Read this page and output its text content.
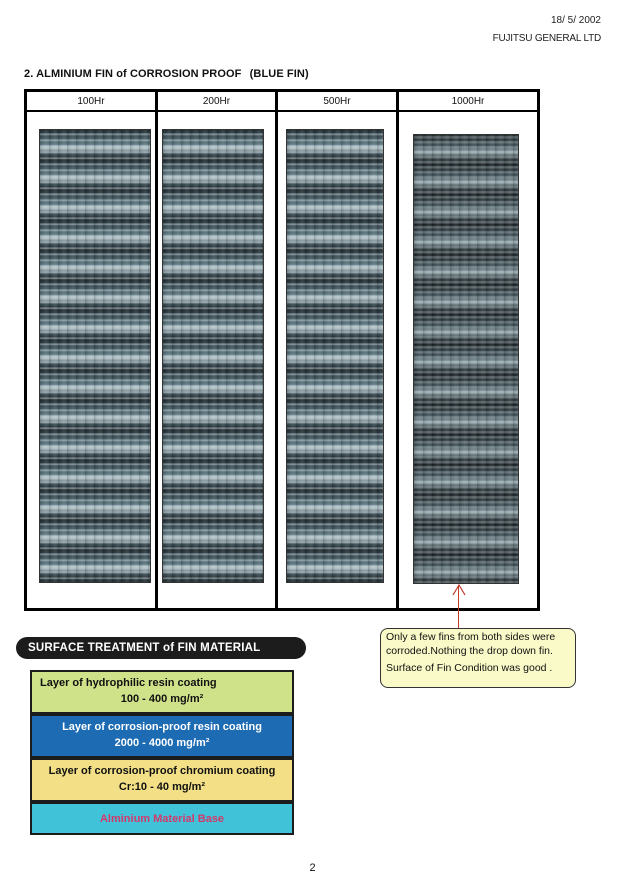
18/ 5/ 2002
FUJITSU GENERAL LTD
2. ALMINIUM FIN of CORROSION PROOF (BLUE FIN)
100Hr	200Hr	500Hr	1000Hr

Only a few fins from both sides were corroded.Nothing the drop down fin.

Surface of Fin Condition was good .

SURFACE TREATMENT of FIN MATERIAL
Layer of hydrophilic resin coating
100 - 400 mg/m²
Layer of corrosion-proof resin coating
2000 - 4000 mg/m²
Layer of corrosion-proof chromium coating
Cr:10 - 40 mg/m²
Alminium Material Base
2
